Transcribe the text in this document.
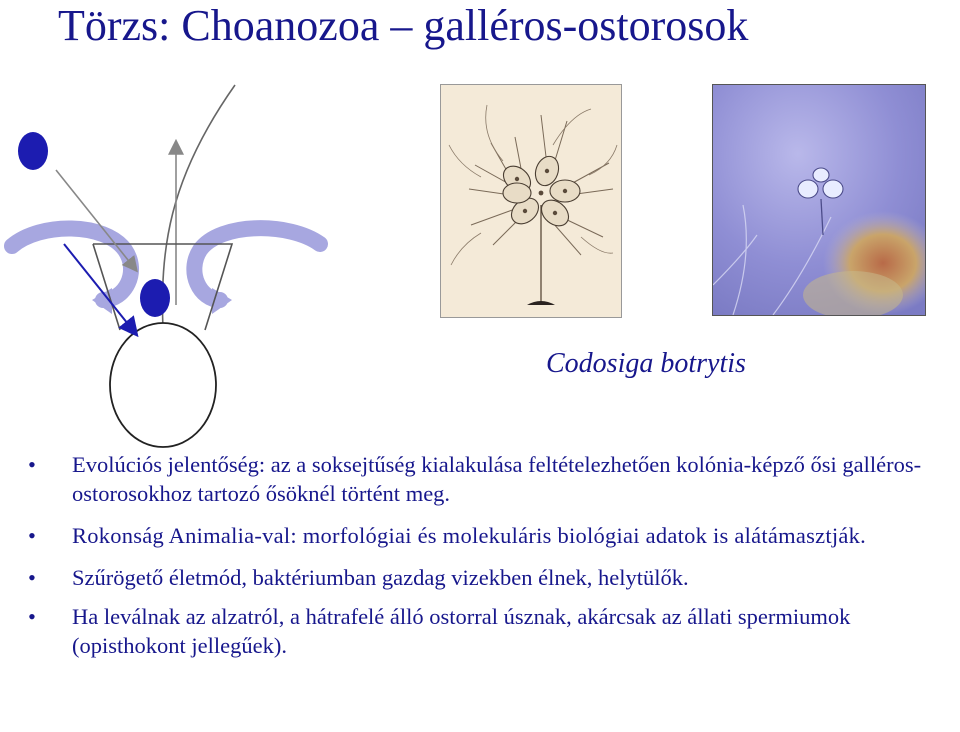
Törzs: Choanozoa – galléros-ostorosok
Codosiga botrytis
• Evolúciós jelentőség: az a soksejtűség kialakulása feltételezhetően kolónia-képző ősi galléros-ostorosokhoz tartozó ősöknél történt meg.
• Rokonság Animalia-val: morfológiai és molekuláris biológiai adatok is alátámasztják.
• Szűrögető életmód, baktériumban gazdag vizekben élnek, helytülők.
• Ha leválnak az alzatról, a hátrafelé álló ostorral úsznak, akárcsak az állati spermiumok (opisthokont jellegűek).
